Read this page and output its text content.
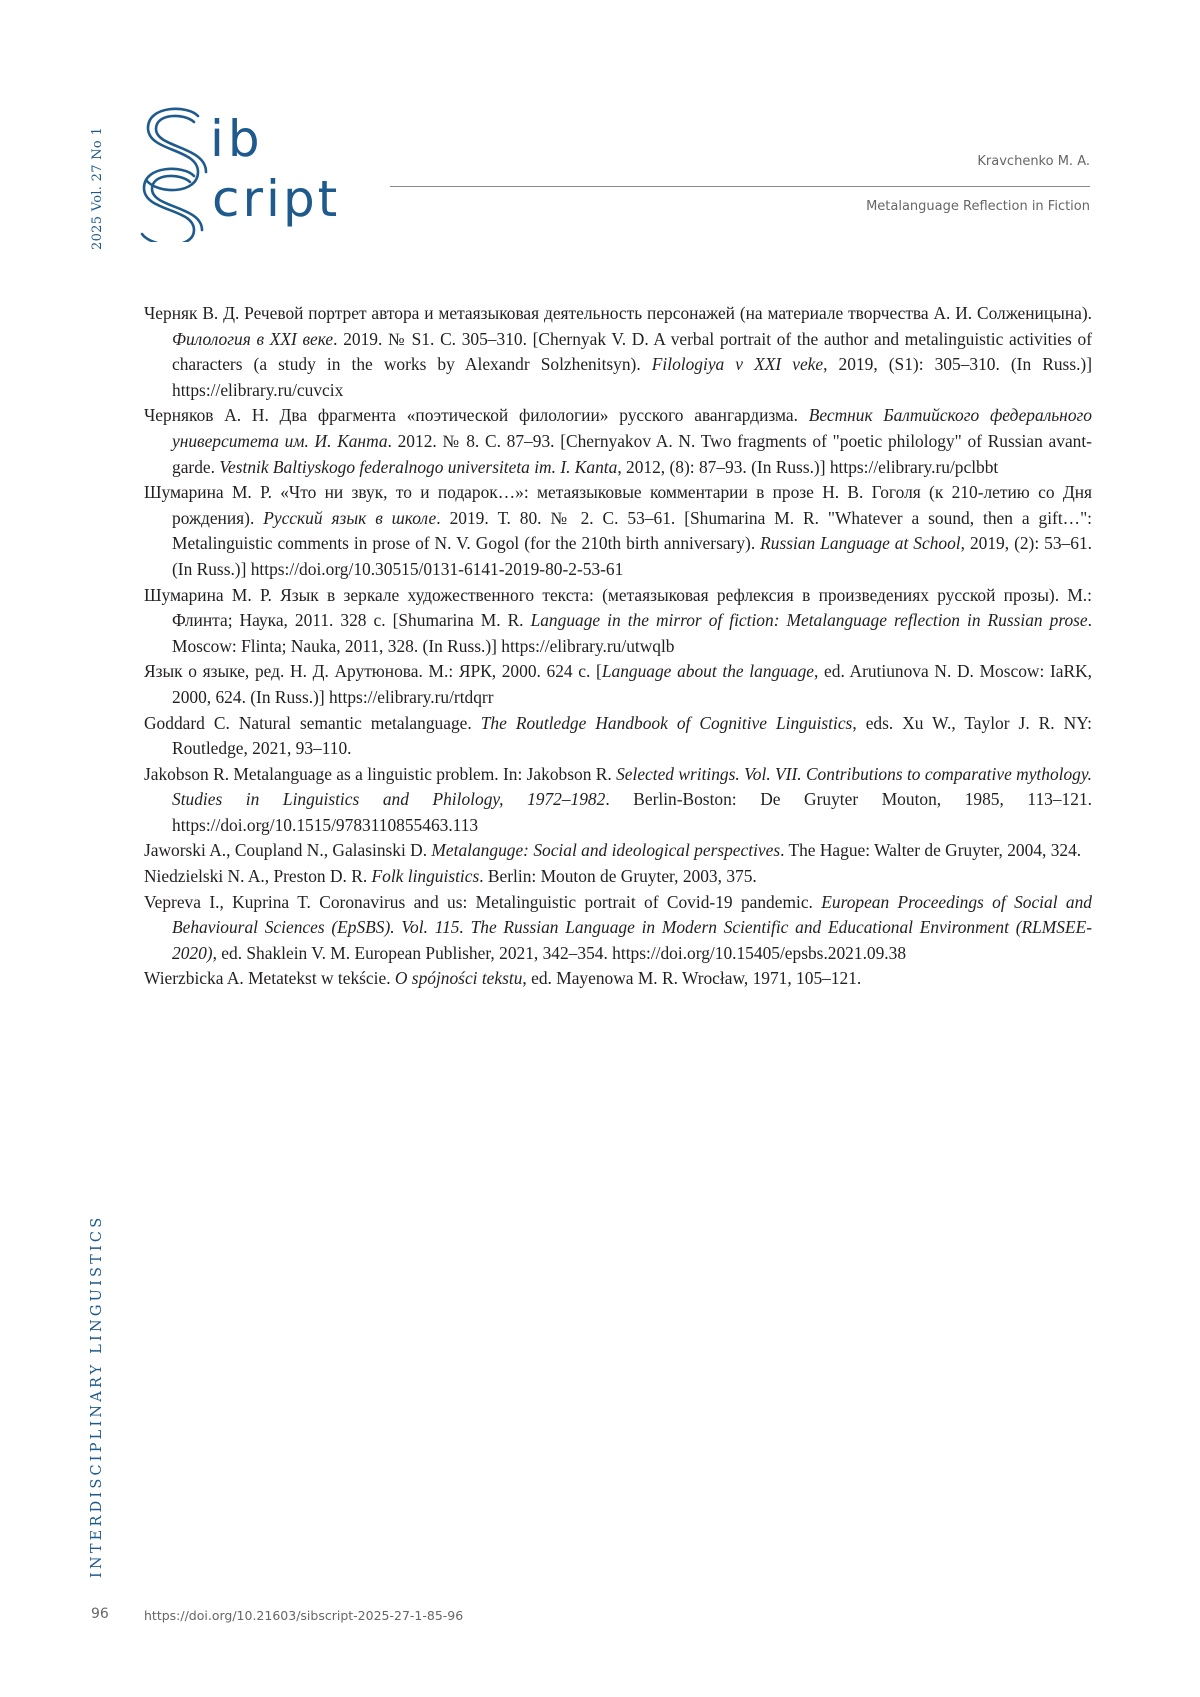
2025 Vol. 27 No 1 ib
cript
Kravchenko M. A.
Metalanguage Reflection in Fiction
Черняк В. Д. Речевой портрет автора и метаязыковая деятельность персонажей (на материале творчества А. И. Солженицына). Филология в XXI веке. 2019. № S1. С. 305–310. [Chernyak V. D. A verbal portrait of the author and metalinguistic activities of characters (a study in the works by Alexandr Solzhenitsyn). Filologiya v XXI veke, 2019, (S1): 305–310. (In Russ.)] https://elibrary.ru/cuvcix
Черняков А. Н. Два фрагмента «поэтической филологии» русского авангардизма. Вестник Балтийского федерального университета им. И. Канта. 2012. № 8. С. 87–93. [Chernyakov A. N. Two fragments of "poetic philology" of Russian avant-garde. Vestnik Baltiyskogo federalnogo universiteta im. I. Kanta, 2012, (8): 87–93. (In Russ.)] https://elibrary.ru/pclbbt
Шумарина М. Р. «Что ни звук, то и подарок…»: метаязыковые комментарии в прозе Н. В. Гоголя (к 210-летию со Дня рождения). Русский язык в школе. 2019. Т. 80. № 2. С. 53–61. [Shumarina M. R. "Whatever a sound, then a gift…": Metalinguistic comments in prose of N. V. Gogol (for the 210th birth anniversary). Russian Language at School, 2019, (2): 53–61. (In Russ.)] https://doi.org/10.30515/0131-6141-2019-80-2-53-61
Шумарина М. Р. Язык в зеркале художественного текста: (метаязыковая рефлексия в произведениях русской прозы). М.: Флинта; Наука, 2011. 328 с. [Shumarina M. R. Language in the mirror of fiction: Metalanguage reflection in Russian prose. Moscow: Flinta; Nauka, 2011, 328. (In Russ.)] https://elibrary.ru/utwqlb
Язык о языке, ред. Н. Д. Арутюнова. М.: ЯРК, 2000. 624 с. [Language about the language, ed. Arutiunova N. D. Moscow: IaRK, 2000, 624. (In Russ.)] https://elibrary.ru/rtdqrr
Goddard C. Natural semantic metalanguage. The Routledge Handbook of Cognitive Linguistics, eds. Xu W., Taylor J. R. NY: Routledge, 2021, 93–110.
Jakobson R. Metalanguage as a linguistic problem. In: Jakobson R. Selected writings. Vol. VII. Contributions to comparative mythology. Studies in Linguistics and Philology, 1972–1982. Berlin-Boston: De Gruyter Mouton, 1985, 113–121. https://doi.org/10.1515/9783110855463.113
Jaworski A., Coupland N., Galasinski D. Metalanguge: Social and ideological perspectives. The Hague: Walter de Gruyter, 2004, 324.
Niedzielski N. A., Preston D. R. Folk linguistics. Berlin: Mouton de Gruyter, 2003, 375.
Vepreva I., Kuprina T. Coronavirus and us: Metalinguistic portrait of Covid-19 pandemic. European Proceedings of Social and Behavioural Sciences (EpSBS). Vol. 115. The Russian Language in Modern Scientific and Educational Environment (RLMSEE-2020), ed. Shaklein V. M. European Publisher, 2021, 342–354. https://doi.org/10.15405/epsbs.2021.09.38
Wierzbicka A. Metatekst w tekście. O spójności tekstu, ed. Mayenowa M. R. Wrocław, 1971, 105–121.
INTERDISCIPLINARY LINGUISTICS
96	https://doi.org/10.21603/sibscript-2025-27-1-85-96
